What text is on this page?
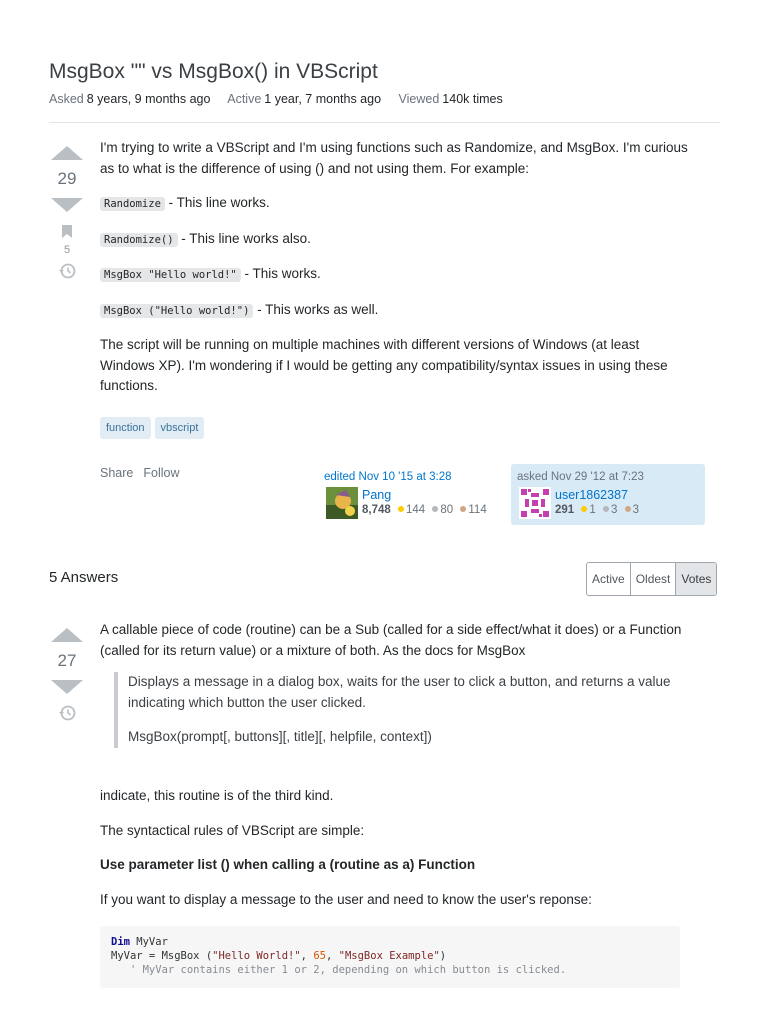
MsgBox "" vs MsgBox() in VBScript
Asked 8 years, 9 months ago Active 1 year, 7 months ago Viewed 140k times
29
5

I'm trying to write a VBScript and I'm using functions such as Randomize, and MsgBox. I'm curious as to what is the difference of using () and not using them. For example:

Randomize - This line works.

Randomize() - This line works also.

MsgBox "Hello world!" - This works.

MsgBox ("Hello world!") - This works as well.

The script will be running on multiple machines with different versions of Windows (at least Windows XP). I'm wondering if I would be getting any compatibility/syntax issues in using these functions.

function	vbscript
Share Follow	edited Nov 10 '15 at 3:28
Pang
8,748 144 80 114
asked Nov 29 '12 at 7:23
user1862387
291 1 3 3
5 Answers	Active Oldest Votes
27

A callable piece of code (routine) can be a Sub (called for a side effect/what it does) or a Function (called for its return value) or a mixture of both. As the docs for MsgBox

Displays a message in a dialog box, waits for the user to click a button, and returns a value indicating which button the user clicked.

MsgBox(prompt[, buttons][, title][, helpfile, context])

indicate, this routine is of the third kind.

The syntactical rules of VBScript are simple:

Use parameter list () when calling a (routine as a) Function

If you want to display a message to the user and need to know the user's reponse:

Dim MyVar
MyVar = MsgBox ("Hello World!", 65, "MsgBox Example")
' MyVar contains either 1 or 2, depending on which button is clicked.
